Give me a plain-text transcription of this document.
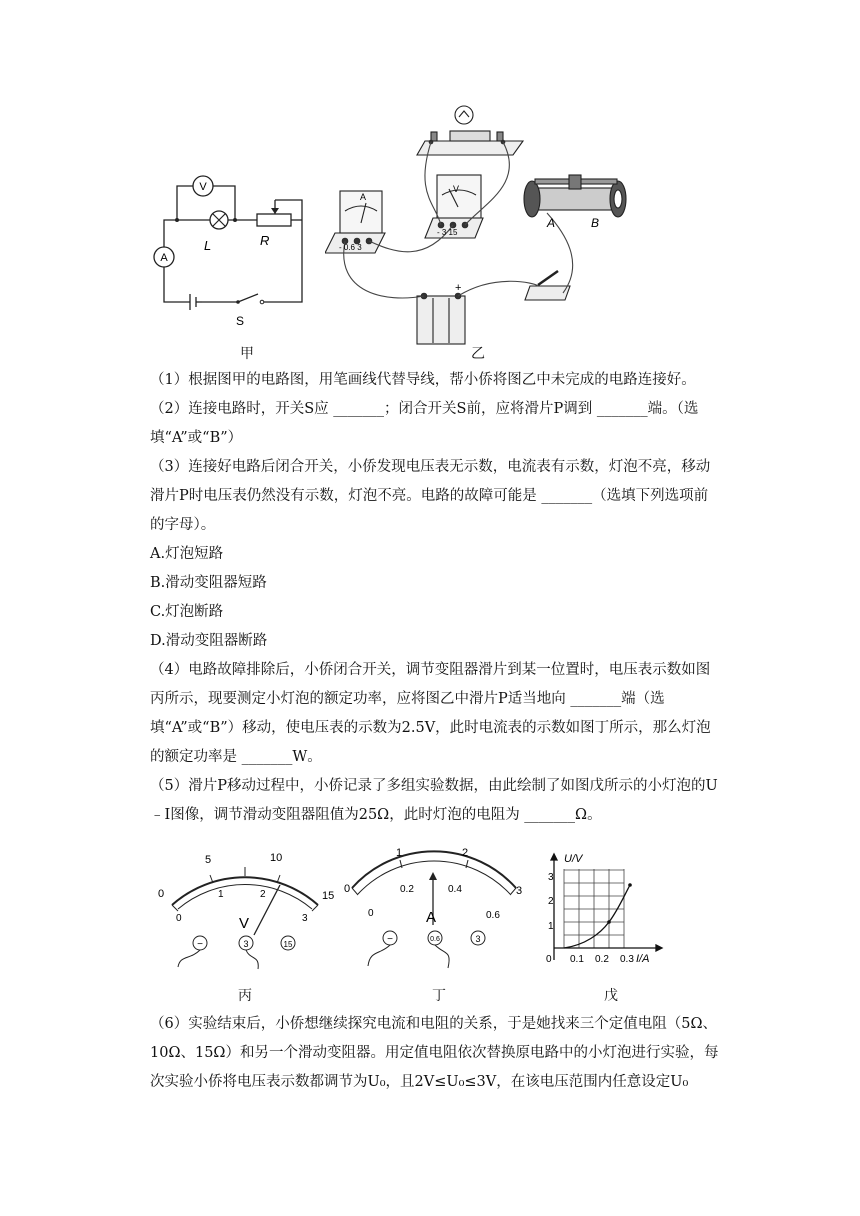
V
L	R
A
S
甲
A
V
- 0.6 3
- 3 15
A	B
+
乙

（1）根据图甲的电路图，用笔画线代替导线，帮小侨将图乙中未完成的电路连接好。

（2）连接电路时，开关S应 _______；闭合开关S前，应将滑片P调到 _______端。（选填“A”或“B”）

（3）连接好电路后闭合开关，小侨发现电压表无示数，电流表有示数，灯泡不亮，移动滑片P时电压表仍然没有示数，灯泡不亮。电路的故障可能是 _______（选填下列选项前的字母）。

A.灯泡短路

B.滑动变阻器短路

C.灯泡断路

D.滑动变阻器断路

（4）电路故障排除后，小侨闭合开关，调节变阻器滑片到某一位置时，电压表示数如图丙所示，现要测定小灯泡的额定功率，应将图乙中滑片P适当地向 _______端（选填“A”或“B”）移动，使电压表的示数为2.5V，此时电流表的示数如图丁所示，那么灯泡的额定功率是 _______W。

（5）滑片P移动过程中，小侨记录了多组实验数据，由此绘制了如图戊所示的小灯泡的U﹣I图像，调节滑动变阻器阻值为25Ω，此时灯泡的电阻为 _______Ω。

0
5	10
15
0
1	2
3
V
−	3	15
丙
0
1	2
3
0
0.2	0.4
0.6
A
−	0.6	3
丁
U/V
I/A
1
2
3
0 0.1 0.2 0.3
戊

（6）实验结束后，小侨想继续探究电流和电阻的关系，于是她找来三个定值电阻（5Ω、10Ω、15Ω）和另一个滑动变阻器。用定值电阻依次替换原电路中的小灯泡进行实验，每次实验小侨将电压表示数都调节为U₀，且2V≤U₀≤3V，在该电压范围内任意设定U₀
